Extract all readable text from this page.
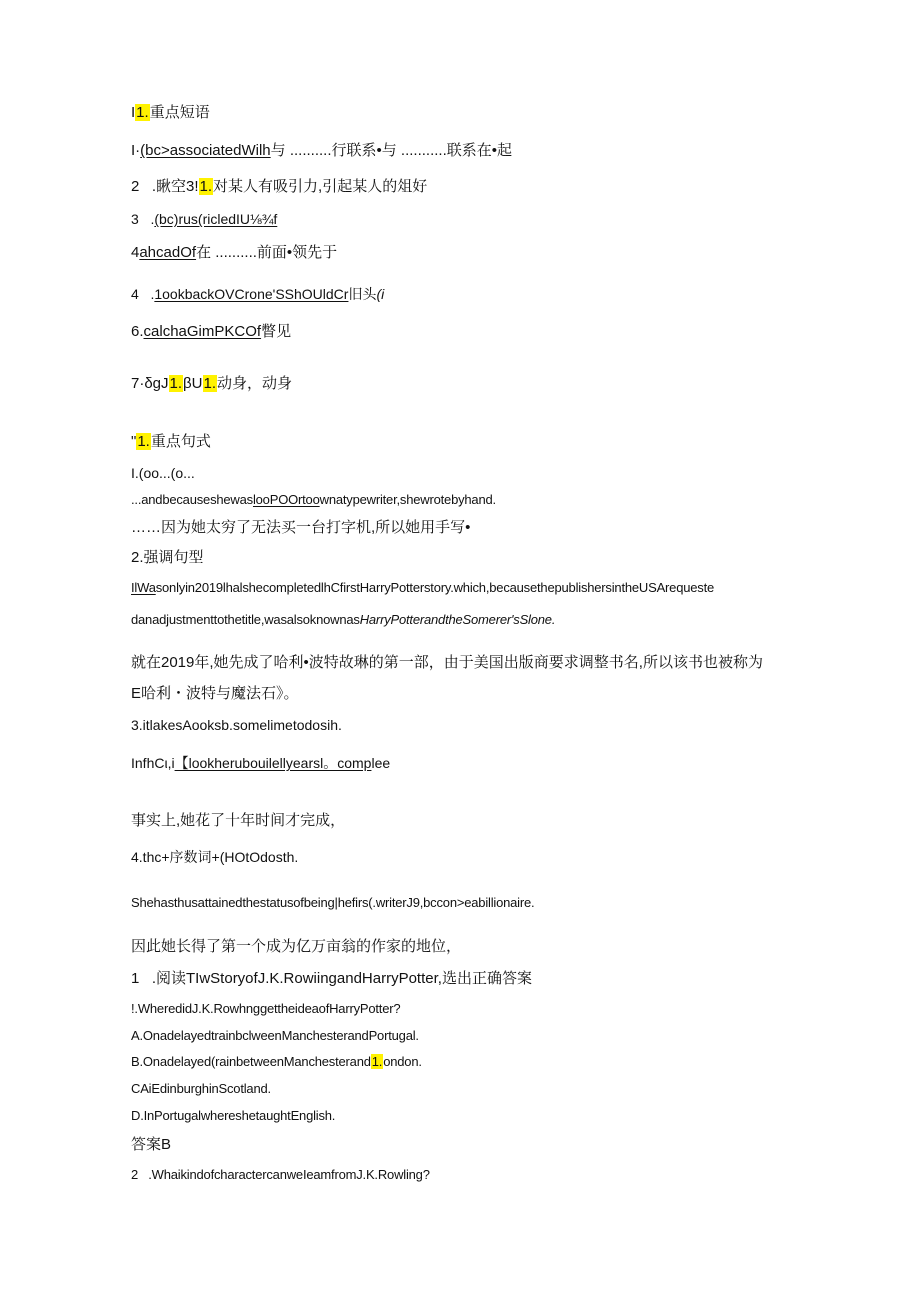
I1.重点短语
I·(bc>associatedWilh与 ..........行联系•与 ...........联系在•起
2   .瞅空3!1.对某人有吸引力,引起某人的俎好
3   .(bc)rus(ricledIU⅛¾f
4ahcadOf在 ..........前面•领先于
4   .1ookbackOVCrone'SShOUldCr旧头(i
6.calchaGimPKCOf瞥见
7·δgJ1.βU1.动身，动身
"1.重点句式
I.(oo...(o...
...andbecauseshewaslooPOOrtoownatypewriter,shewrotebyhand.
……因为她太穷了无法买一台打字机,所以她用手写•
2.强调句型
IlWasonlyin2019lhalshecompletedlhCfirstHarryPotterstory.which,becausethepublishersintheUSArequeste
danadjustmenttothetitle,wasalsoknownasHarryPotterandtheSomerer'sSlone.
就在2019年,她先成了哈利•波特故琳的第一部，由于美国出版商要求调整书名,所以该书也被称为
E哈利・波特与魔法石》。
3.itlakesAooksb.somelimetodosih.
InfhCι,i【lookherubouilellyearsl。complee
事实上,她花了十年时间才完成，
4.thc+序数词+(HOtOdosth.
Shehasthusattainedthestatusofbeing|hefirs(.writerJ9,bccon>eabillionaire.
因此她长得了第一个成为亿万亩翁的作家的地位，
1   .阅读TIwStoryofJ.K.RowiingandHarryPotter,选出正确答案
!.WheredidJ.K.RowhnggettheideaofHarryPotter?
A.OnadelayedtrainbclweenManchesterandPortugal.
B.Onadelayed(rainbetweenManchesterand1.ondon.
CAiEdinburghinScotland.
D.InPortugalwhereshetaughtEnglish.
答案B
2   .WhaikindofcharactercanweIeamfromJ.K.Rowling?
